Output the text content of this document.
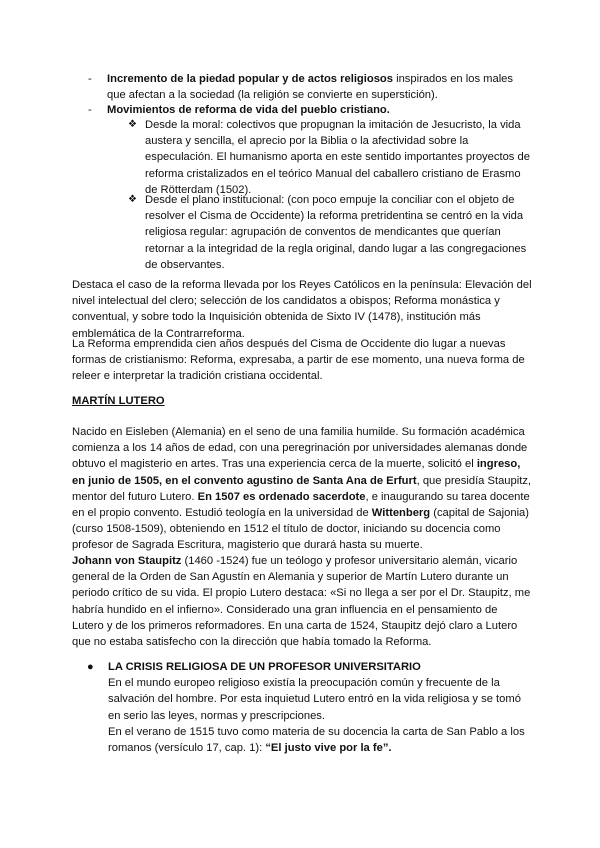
- Incremento de la piedad popular y de actos religiosos inspirados en los males que afectan a la sociedad (la religión se convierte en superstición).

- Movimientos de reforma de vida del pueblo cristiano.

❖ Desde la moral: colectivos que propugnan la imitación de Jesucristo, la vida austera y sencilla, el aprecio por la Biblia o la afectividad sobre la especulación. El humanismo aporta en este sentido importantes proyectos de reforma cristalizados en el teórico Manual del caballero cristiano de Erasmo de Rötterdam (1502).

❖ Desde el plano institucional: (con poco empuje la conciliar con el objeto de resolver el Cisma de Occidente) la reforma pretridentina se centró en la vida religiosa regular: agrupación de conventos de mendicantes que querían retornar a la integridad de la regla original, dando lugar a las congregaciones de observantes.

Destaca el caso de la reforma llevada por los Reyes Católicos en la península: Elevación del nivel intelectual del clero; selección de los candidatos a obispos; Reforma monástica y conventual, y sobre todo la Inquisición obtenida de Sixto IV (1478), institución más emblemática de la Contrarreforma.

La Reforma emprendida cien años después del Cisma de Occidente dio lugar a nuevas formas de cristianismo: Reforma, expresaba, a partir de ese momento, una nueva forma de releer e interpretar la tradición cristiana occidental.

MARTÍN LUTERO

Nacido en Eisleben (Alemania) en el seno de una familia humilde. Su formación académica comienza a los 14 años de edad, con una peregrinación por universidades alemanas donde obtuvo el magisterio en artes. Tras una experiencia cerca de la muerte, solicitó el ingreso, en junio de 1505, en el convento agustino de Santa Ana de Erfurt, que presidía Staupitz, mentor del futuro Lutero. En 1507 es ordenado sacerdote, e inaugurando su tarea docente en el propio convento. Estudió teología en la universidad de Wittenberg (capital de Sajonia) (curso 1508-1509), obteniendo en 1512 el título de doctor, iniciando su docencia como profesor de Sagrada Escritura, magisterio que durará hasta su muerte.

Johann von Staupitz (1460 -1524) fue un teólogo y profesor universitario alemán, vicario general de la Orden de San Agustín en Alemania y superior de Martín Lutero durante un periodo crítico de su vida. El propio Lutero destaca: «Si no llega a ser por el Dr. Staupitz, me habría hundido en el infierno». Considerado una gran influencia en el pensamiento de Lutero y de los primeros reformadores. En una carta de 1524, Staupitz dejó claro a Lutero que no estaba satisfecho con la dirección que había tomado la Reforma.

● LA CRISIS RELIGIOSA DE UN PROFESOR UNIVERSITARIO

En el mundo europeo religioso existía la preocupación común y frecuente de la salvación del hombre. Por esta inquietud Lutero entró en la vida religiosa y se tomó en serio las leyes, normas y prescripciones.

En el verano de 1515 tuvo como materia de su docencia la carta de San Pablo a los romanos (versículo 17, cap. 1): “El justo vive por la fe”.
